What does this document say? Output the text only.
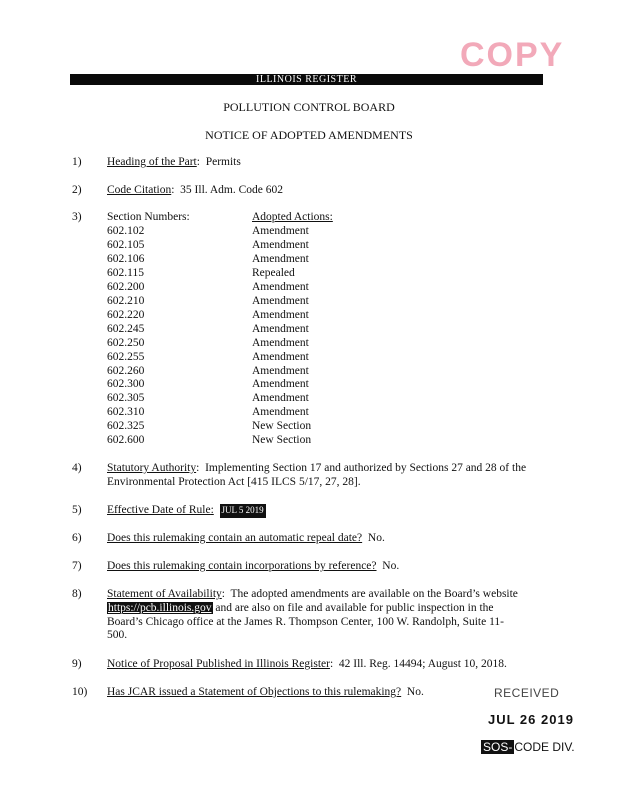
COPY
ILLINOIS REGISTER
POLLUTION CONTROL BOARD
NOTICE OF ADOPTED AMENDMENTS
1) Heading of the Part:  Permits
2) Code Citation:  35 Ill. Adm. Code 602
3) Section Numbers:	Adopted Actions:
602.102
602.105
602.106
602.115
602.200
602.210
602.220
602.245
602.250
602.255
602.260
602.300
602.305
602.310
602.325
602.600
Amendment
Amendment
Amendment
Repealed
Amendment
Amendment
Amendment
Amendment
Amendment
Amendment
Amendment
Amendment
Amendment
Amendment
New Section
New Section
4) Statutory Authority:  Implementing Section 17 and authorized by Sections 27 and 28 of the Environmental Protection Act [415 ILCS 5/17, 27, 28].
5) Effective Date of Rule: JUL 5 2019
6) Does this rulemaking contain an automatic repeal date? No.
7) Does this rulemaking contain incorporations by reference? No.
8) Statement of Availability:  The adopted amendments are available on the Board’s website
https://pcb.illinois.gov and are also on file and available for public inspection in the
Board’s Chicago office at the James R. Thompson Center, 100 W. Randolph, Suite 11-
500.
9) Notice of Proposal Published in Illinois Register:  42 Ill. Reg. 14494; August 10, 2018.
10) Has JCAR issued a Statement of Objections to this rulemaking? No.	RECEIVED
JUL 26 2019
SOS- CODE DIV.
